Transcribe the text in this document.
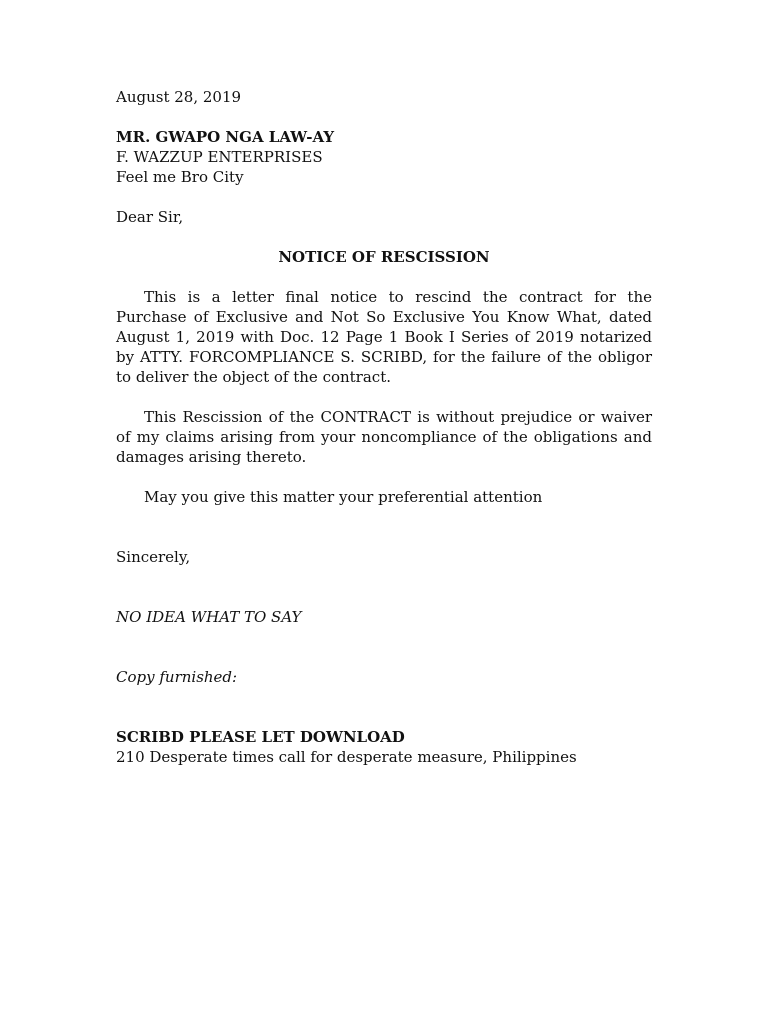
August 28, 2019
MR. GWAPO NGA LAW-AY
F. WAZZUP ENTERPRISES
Feel me Bro City
Dear Sir,
NOTICE OF RESCISSION
This is a letter final notice to rescind the contract for the Purchase of Exclusive and Not So Exclusive You Know What, dated August 1, 2019 with Doc. 12 Page 1 Book I Series of 2019 notarized by ATTY. FORCOMPLIANCE S. SCRIBD, for the failure of the obligor to deliver the object of the contract.
This Rescission of the CONTRACT is without prejudice or waiver of my claims arising from your noncompliance of the obligations and damages arising thereto.
May you give this matter your preferential attention
Sincerely,
NO IDEA WHAT TO SAY
Copy furnished:
SCRIBD PLEASE LET DOWNLOAD
210 Desperate times call for desperate measure, Philippines
